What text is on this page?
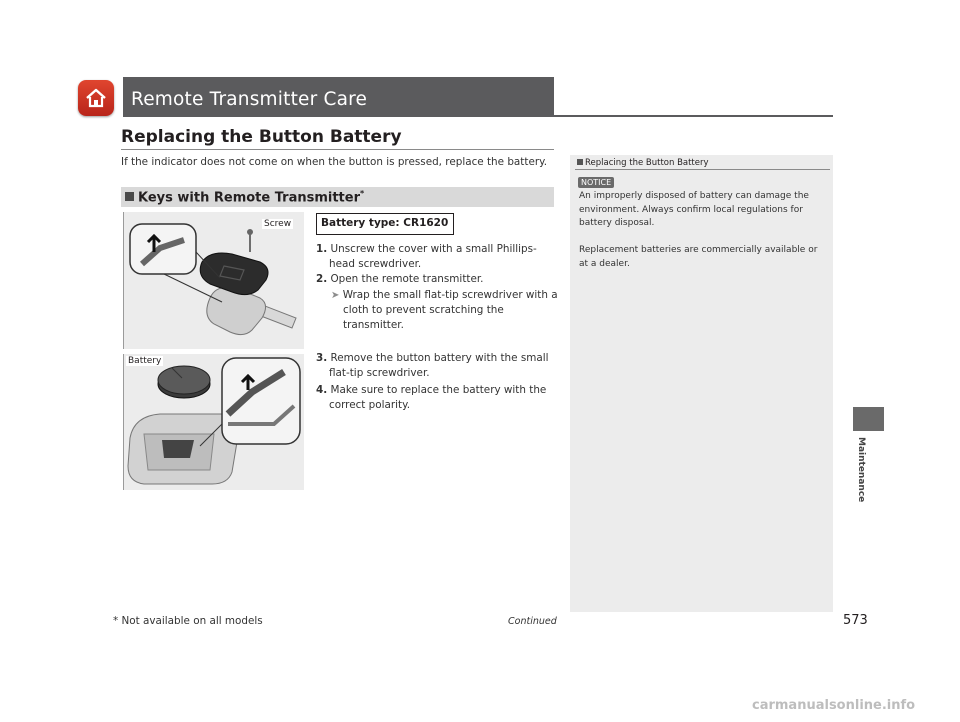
Remote Transmitter Care
Replacing the Button Battery
If the indicator does not come on when the button is pressed, replace the battery.
Keys with Remote Transmitter*
Screw
Battery
Battery type: CR1620
1. Unscrew the cover with a small Phillips-
head screwdriver.
2. Open the remote transmitter.
➤ Wrap the small flat-tip screwdriver with a
cloth to prevent scratching the
transmitter.
3. Remove the button battery with the small
flat-tip screwdriver.
4. Make sure to replace the battery with the
correct polarity.
Replacing the Button Battery
NOTICE
An improperly disposed of battery can damage the
environment. Always confirm local regulations for
battery disposal.
Replacement batteries are commercially available or
at a dealer.
Maintenance
* Not available on all models	Continued	573
carmanualsonline.info
